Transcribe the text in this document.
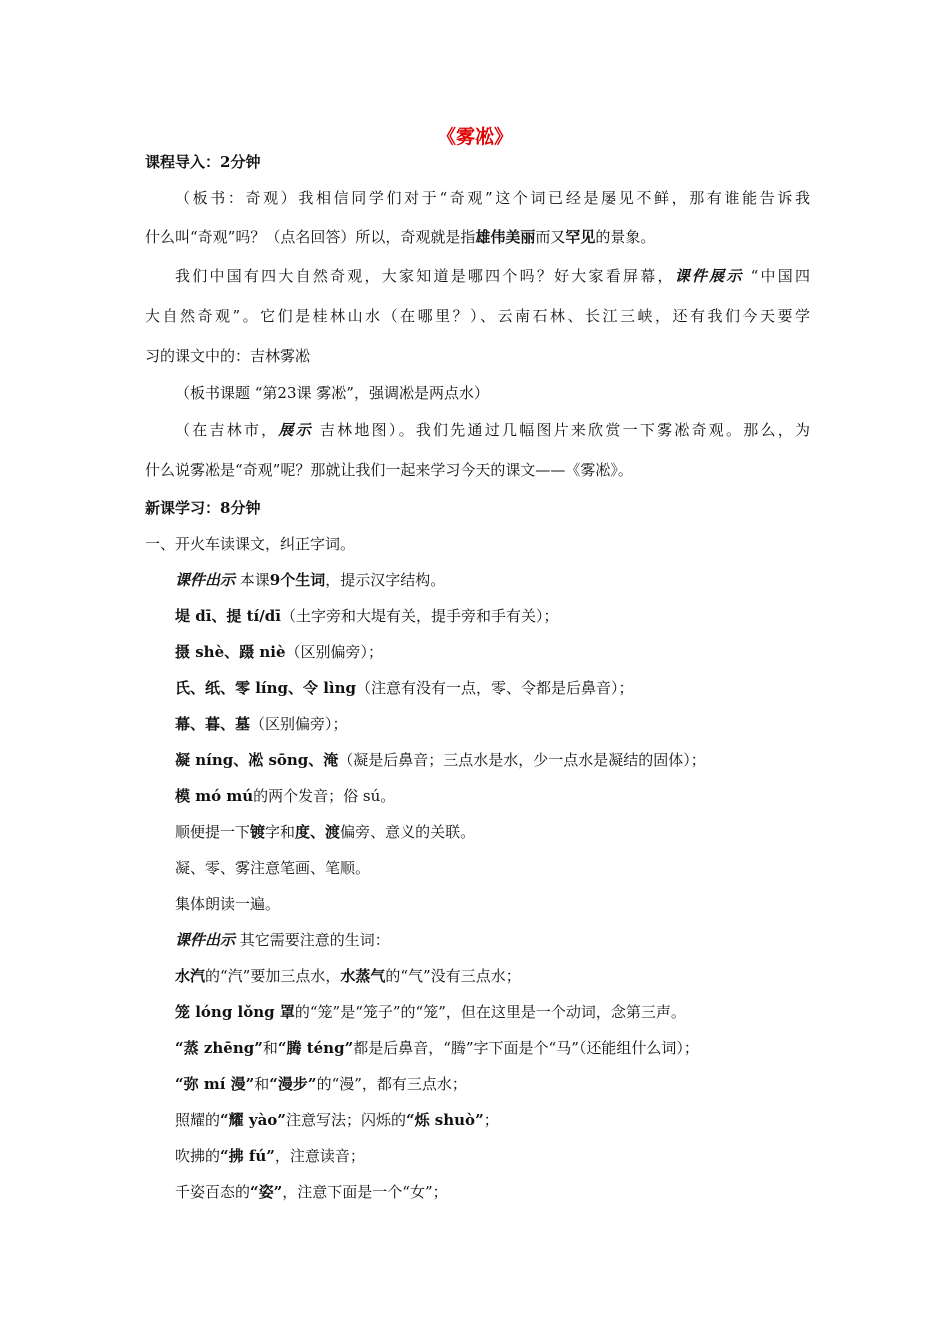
《雾凇》
课程导入：2分钟
（板书：奇观）我相信同学们对于“奇观”这个词已经是屡见不鲜，那有谁能告诉我
什么叫“奇观”吗？（点名回答）所以，奇观就是指雄伟美丽而又罕见的景象。
我们中国有四大自然奇观，大家知道是哪四个吗？好大家看屏幕，课件展示 “中国四
大自然奇观”。它们是桂林山水（在哪里？）、云南石林、长江三峡，还有我们今天要学
习的课文中的：吉林雾凇
（板书课题 “第23课 雾凇”，强调凇是两点水）
（在吉林市，展示 吉林地图）。我们先通过几幅图片来欣赏一下雾凇奇观。那么，为
什么说雾凇是“奇观”呢？那就让我们一起来学习今天的课文——《雾凇》。
新课学习：8分钟
一、开火车读课文，纠正字词。
课件出示 本课9个生词，提示汉字结构。
堤 dī、提 tí/dī（土字旁和大堤有关，提手旁和手有关）；
摄 shè、蹑 niè（区别偏旁）；
氏、纸、零 líng、令 lìng（注意有没有一点，零、令都是后鼻音）；
幕、暮、墓（区别偏旁）；
凝 níng、凇 sōng、淹（凝是后鼻音；三点水是水，少一点水是凝结的固体）；
模 mó mú的两个发音；俗 sú。
顺便提一下镀字和度、渡偏旁、意义的关联。
凝、零、雾注意笔画、笔顺。
集体朗读一遍。
课件出示 其它需要注意的生词：
水汽的“汽”要加三点水，水蒸气的“气”没有三点水；
笼 lóng lǒng 罩的“笼”是“笼子”的“笼”，但在这里是一个动词，念第三声。
“蒸 zhēng”和“腾 téng”都是后鼻音，“腾”字下面是个“马”（还能组什么词）；
“弥 mí 漫”和“漫步”的“漫”，都有三点水；
照耀的“耀 yào”注意写法；闪烁的“烁 shuò”；
吹拂的“拂 fú”，注意读音；
千姿百态的“姿”，注意下面是一个“女”；
